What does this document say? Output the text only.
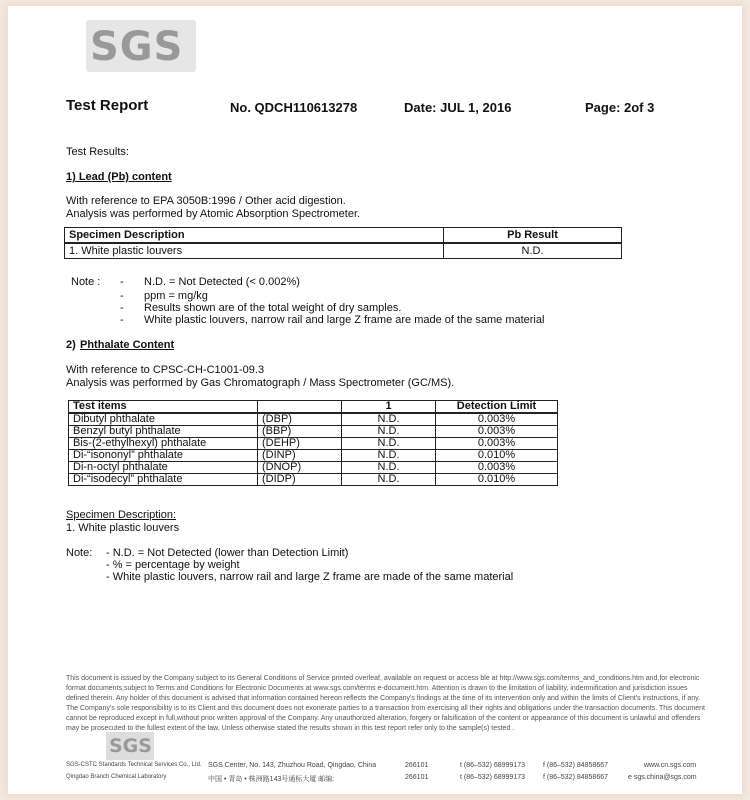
SGS
Test Report	No. QDCH110613278	Date: JUL 1, 2016	Page: 2of 3
Test Results:
1) Lead (Pb) content
With reference to EPA 3050B:1996 / Other acid digestion.
Analysis was performed by Atomic Absorption Spectrometer.
Specimen Description	Pb Result
1. White plastic louvers	N.D.
Note : - N.D. = Not Detected (< 0.002%)
- ppm = mg/kg
- Results shown are of the total weight of dry samples.
- White plastic louvers, narrow rail and large Z frame are made of the same material
2) Phthalate Content
With reference to CPSC-CH-C1001-09.3
Analysis was performed by Gas Chromatograph / Mass Spectrometer (GC/MS).
Test items		1	Detection Limit
Dibutyl phthalate	(DBP)	N.D.	0.003%
Benzyl butyl phthalate	(BBP)	N.D.	0.003%
Bis-(2-ethylhexyl) phthalate	(DEHP)	N.D.	0.003%
Di-“isononyl” phthalate	(DINP)	N.D.	0.010%
Di-n-octyl phthalate	(DNOP)	N.D.	0.003%
Di-“isodecyl” phthalate	(DIDP)	N.D.	0.010%
Specimen Description:
1. White plastic louvers
Note: - N.D. = Not Detected (lower than Detection Limit)
- % = percentage by weight
- White plastic louvers, narrow rail and large Z frame are made of the same material
This document is issued by the Company subject to its General Conditions of Service printed overleaf, available on request or access ble at http://www.sgs.com/terms_and_conditions.htm and,for electronic format documents,subject to Terms and Conditions for Electronic Documents at www.sgs.com/terms e-document.htm. Attention is drawn to the limitation of liability, indemnification and jurisdiction issues defined therein. Any holder of this document is advised that information contained hereon reflects the Company's findings at the time of its intervention only and within the limits of Client's instructions, if any. The Company's sole responsibility is to its Client and this document does not exonerate parties to a transaction from exercising all their rights and obligations under the transaction documents. This document cannot be reproduced except in full,without prior written approval of the Company. Any unauthorized alteration, forgery or falsification of the content or appearance of this document is unlawful and offenders may be prosecuted to the fullest extent of the law. Unless otherwise stated the results shown in this test report refer only to the sample(s) tested .
SGS
SGS-CSTC Standards Technical Services Co., Ltd.
Qingdao Branch Chemical Laboratory
SGS Center, No. 143, Zhuzhou Road, Qingdao, China	266101
中国 • 青岛 • 株洲路143号通标大厦 邮编:	266101
t (86–532) 68999173
t (86–532) 68999173
f (86–532) 84858667
f (86–532) 84858667
www.cn.sgs.com
e sgs.china@sgs.com
